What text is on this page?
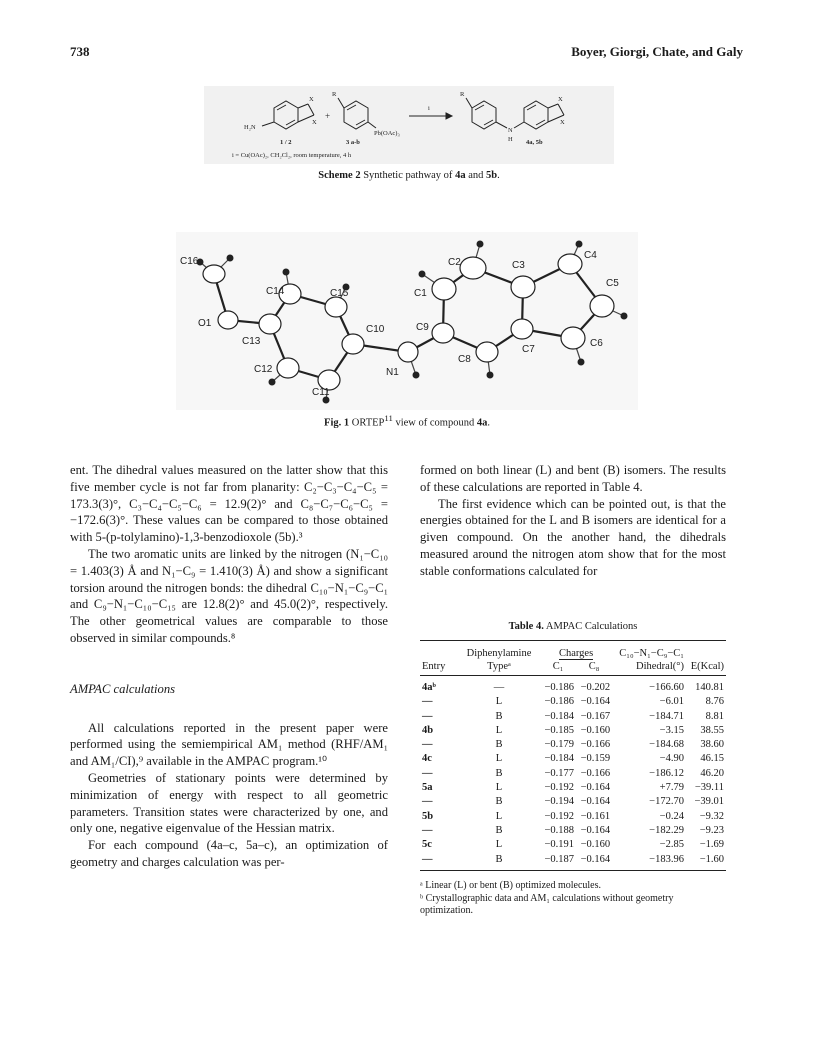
738	Boyer, Giorgi, Chate, and Galy
H₂N
X
X
R
+
Pb(OAc)₃
i
R
N
H
X
X
1 / 2	3 a-b	4a, 5b
i = Cu(OAc)₂, CH₂Cl₂, room temperature, 4 h
Scheme 2 Synthetic pathway of 4a and 5b.
C16
O1
C14	C15
C13
C12
C11
C10
N1
C9
C1
C2	C3
C8
C7
C4
C5
C6
Fig. 1 ORTEP$^{11}$ view of compound 4a.

ent. The dihedral values measured on the latter show that this five member cycle is not far from planarity: C₂−C₃−C₄−C₅ = 173.3(3)°, C₃−C₄−C₅−C₆ = 12.9(2)° and C₈−C₇−C₆−C₅ = −172.6(3)°. These values can be compared to those obtained with 5-(p-tolylamino)-1,3-benzodioxole (5b).³

The two aromatic units are linked by the nitrogen (N₁−C₁₀ = 1.403(3) Å and N₁−C₉ = 1.410(3) Å) and show a significant torsion around the nitrogen bonds: the dihedral C₁₀−N₁−C₉−C₁ and C₉−N₁−C₁₀−C₁₅ are 12.8(2)° and 45.0(2)°, respectively. The other geometrical values are comparable to those observed in similar compounds.⁸

AMPAC calculations

All calculations reported in the present paper were performed using the semiempirical AM₁ method (RHF/AM₁ and AM₁/CI),⁹ available in the AMPAC program.¹⁰

Geometries of stationary points were determined by minimization of energy with respect to all geometric parameters. Transition states were characterized by one, and only one, negative eigenvalue of the Hessian matrix.

For each compound (4a–c, 5a–c), an optimization of geometry and charges calculation was per-

formed on both linear (L) and bent (B) isomers. The results of these calculations are reported in Table 4.

The first evidence which can be pointed out, is that the energies obtained for the L and B isomers are identical for a given compound. On the another hand, the dihedrals measured around the nitrogen atom show that for the most stable conformations calculated for

Table 4. AMPAC Calculations
	Diphenylamine	Charges		C₁₀−N₁−C₉−C₁	
Entry	Typeᵃ	C₁	C₈	Dihedral(°)	E(Kcal)
4aᵇ	—	−0.186	−0.202	−166.60	140.81
—	L	−0.186	−0.164	−6.01	8.76
—	B	−0.184	−0.167	−184.71	8.81
4b	L	−0.185	−0.160	−3.15	38.55
—	B	−0.179	−0.166	−184.68	38.60
4c	L	−0.184	−0.159	−4.90	46.15
—	B	−0.177	−0.166	−186.12	46.20
5a	L	−0.192	−0.164	+7.79	−39.11
—	B	−0.194	−0.164	−172.70	−39.01
5b	L	−0.192	−0.161	−0.24	−9.32
—	B	−0.188	−0.164	−182.29	−9.23
5c	L	−0.191	−0.160	−2.85	−1.69
—	B	−0.187	−0.164	−183.96	−1.60

ᵃ Linear (L) or bent (B) optimized molecules.

ᵇ Crystallographic data and AM₁ calculations without geometry optimization.
